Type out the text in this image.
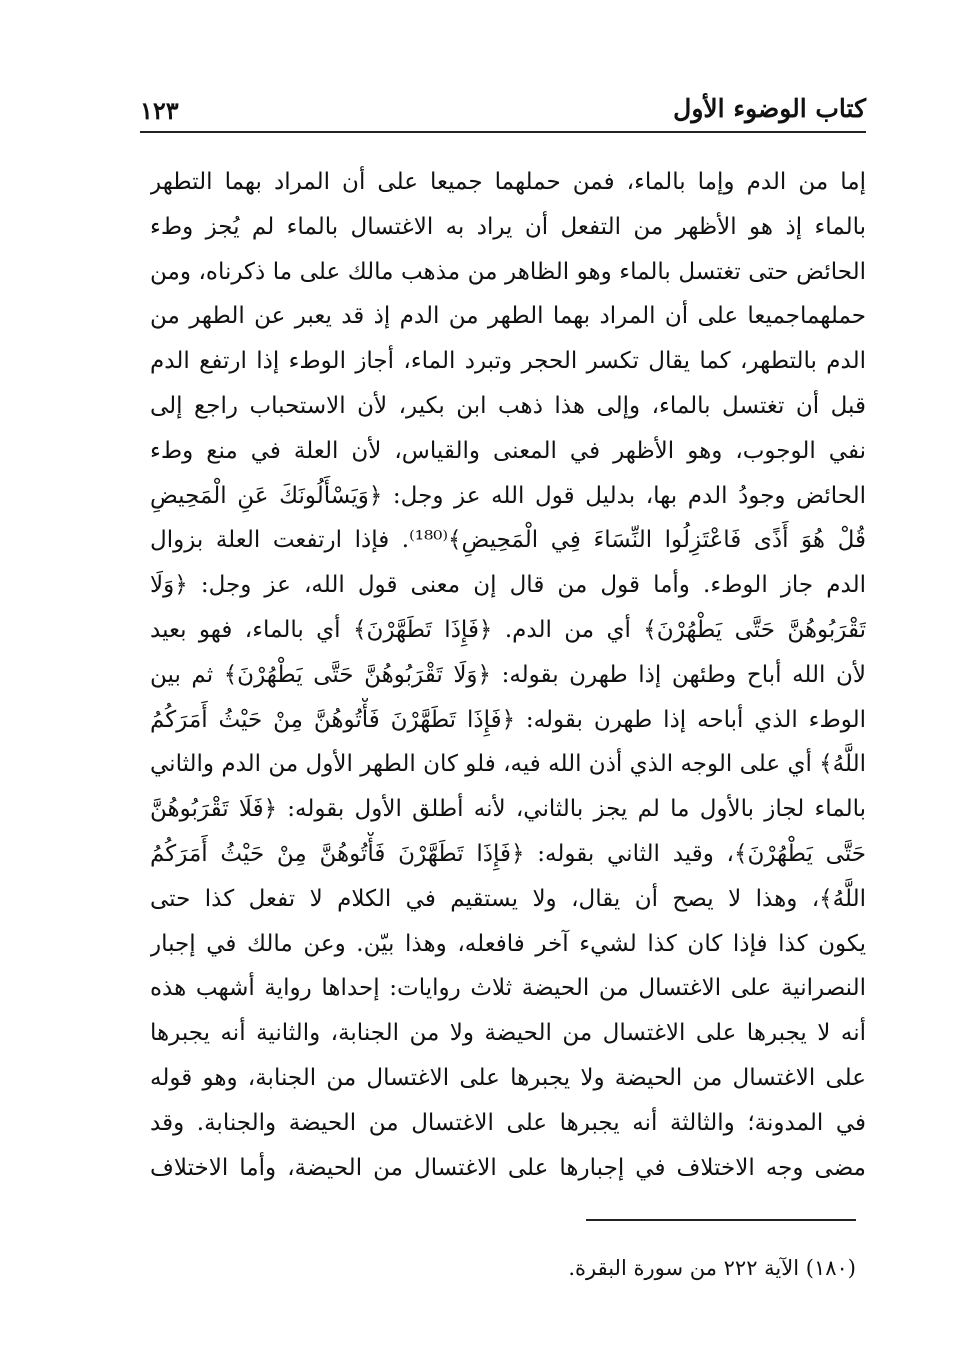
كتاب الوضوء الأول
١٢٣
إما من الدم وإما بالماء، فمن حملهما جميعا على أن المراد بهما التطهر
بالماء إذ هو الأظهر من التفعل أن يراد به الاغتسال بالماء لم يُجز وطء
الحائض حتى تغتسل بالماء وهو الظاهر من مذهب مالك على ما ذكرناه، ومن
حملهماجميعا على أن المراد بهما الطهر من الدم إذ قد يعبر عن الطهر من
الدم بالتطهر، كما يقال تكسر الحجر وتبرد الماء، أجاز الوطء إذا ارتفع الدم
قبل أن تغتسل بالماء، وإلى هذا ذهب ابن بكير، لأن الاستحباب راجع إلى
نفي الوجوب، وهو الأظهر في المعنى والقياس، لأن العلة في منع وطء
الحائض وجودُ الدم بها، بدليل قول الله عز وجل: ﴿وَيَسْأَلُونَكَ عَنِ الْمَحِيضِ
قُلْ هُوَ أَذًى فَاعْتَزِلُوا النِّسَاءَ فِي الْمَحِيضِ﴾⁽¹⁸⁰⁾. فإذا ارتفعت العلة بزوال
الدم جاز الوطء. وأما قول من قال إن معنى قول الله، عز وجل: ﴿وَلَا
تَقْرَبُوهُنَّ حَتَّى يَطْهُرْنَ﴾ أي من الدم. ﴿فَإِذَا تَطَهَّرْنَ﴾ أي بالماء، فهو بعيد
لأن الله أباح وطئهن إذا طهرن بقوله: ﴿وَلَا تَقْرَبُوهُنَّ حَتَّى يَطْهُرْنَ﴾ ثم بين
الوطء الذي أباحه إذا طهرن بقوله: ﴿فَإِذَا تَطَهَّرْنَ فَأْتُوهُنَّ مِنْ حَيْثُ أَمَرَكُمُ
اللَّهُ﴾ أي على الوجه الذي أذن الله فيه، فلو كان الطهر الأول من الدم والثاني
بالماء لجاز بالأول ما لم يجز بالثاني، لأنه أطلق الأول بقوله: ﴿فَلَا تَقْرَبُوهُنَّ
حَتَّى يَطْهُرْنَ﴾، وقيد الثاني بقوله: ﴿فَإِذَا تَطَهَّرْنَ فَأْتُوهُنَّ مِنْ حَيْثُ أَمَرَكُمُ
اللَّهُ﴾، وهذا لا يصح أن يقال، ولا يستقيم في الكلام لا تفعل كذا حتى
يكون كذا فإذا كان كذا لشيء آخر فافعله، وهذا بيّن. وعن مالك في إجبار
النصرانية على الاغتسال من الحيضة ثلاث روايات: إحداها رواية أشهب هذه
أنه لا يجبرها على الاغتسال من الحيضة ولا من الجنابة، والثانية أنه يجبرها
على الاغتسال من الحيضة ولا يجبرها على الاغتسال من الجنابة، وهو قوله
في المدونة؛ والثالثة أنه يجبرها على الاغتسال من الحيضة والجنابة. وقد
مضى وجه الاختلاف في إجبارها على الاغتسال من الحيضة، وأما الاختلاف
(١٨٠) الآية ٢٢٢ من سورة البقرة.
